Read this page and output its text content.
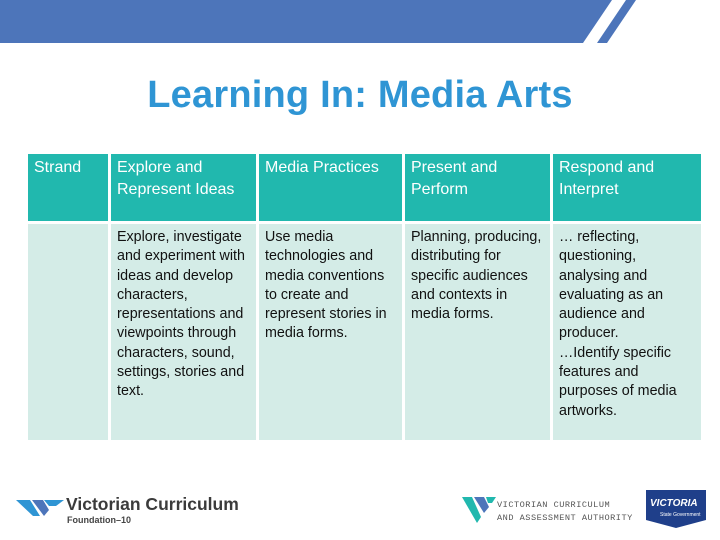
Learning In: Media Arts
Strand	Explore and Represent Ideas	Media Practices	Present and Perform	Respond and Interpret
	Explore, investigate and experiment with ideas and develop characters, representations and viewpoints through characters, sound, settings, stories and text.	Use media technologies and media conventions to create and represent stories in media forms.	Planning, producing, distributing for specific audiences and contexts in media forms.	… reflecting, questioning, analysing and evaluating as an audience and producer.
…Identify specific features and purposes of media artworks.
Victorian Curriculum
Foundation–10
VICTORIAN CURRICULUM
AND ASSESSMENT AUTHORITY
VICTORIA
State Government
